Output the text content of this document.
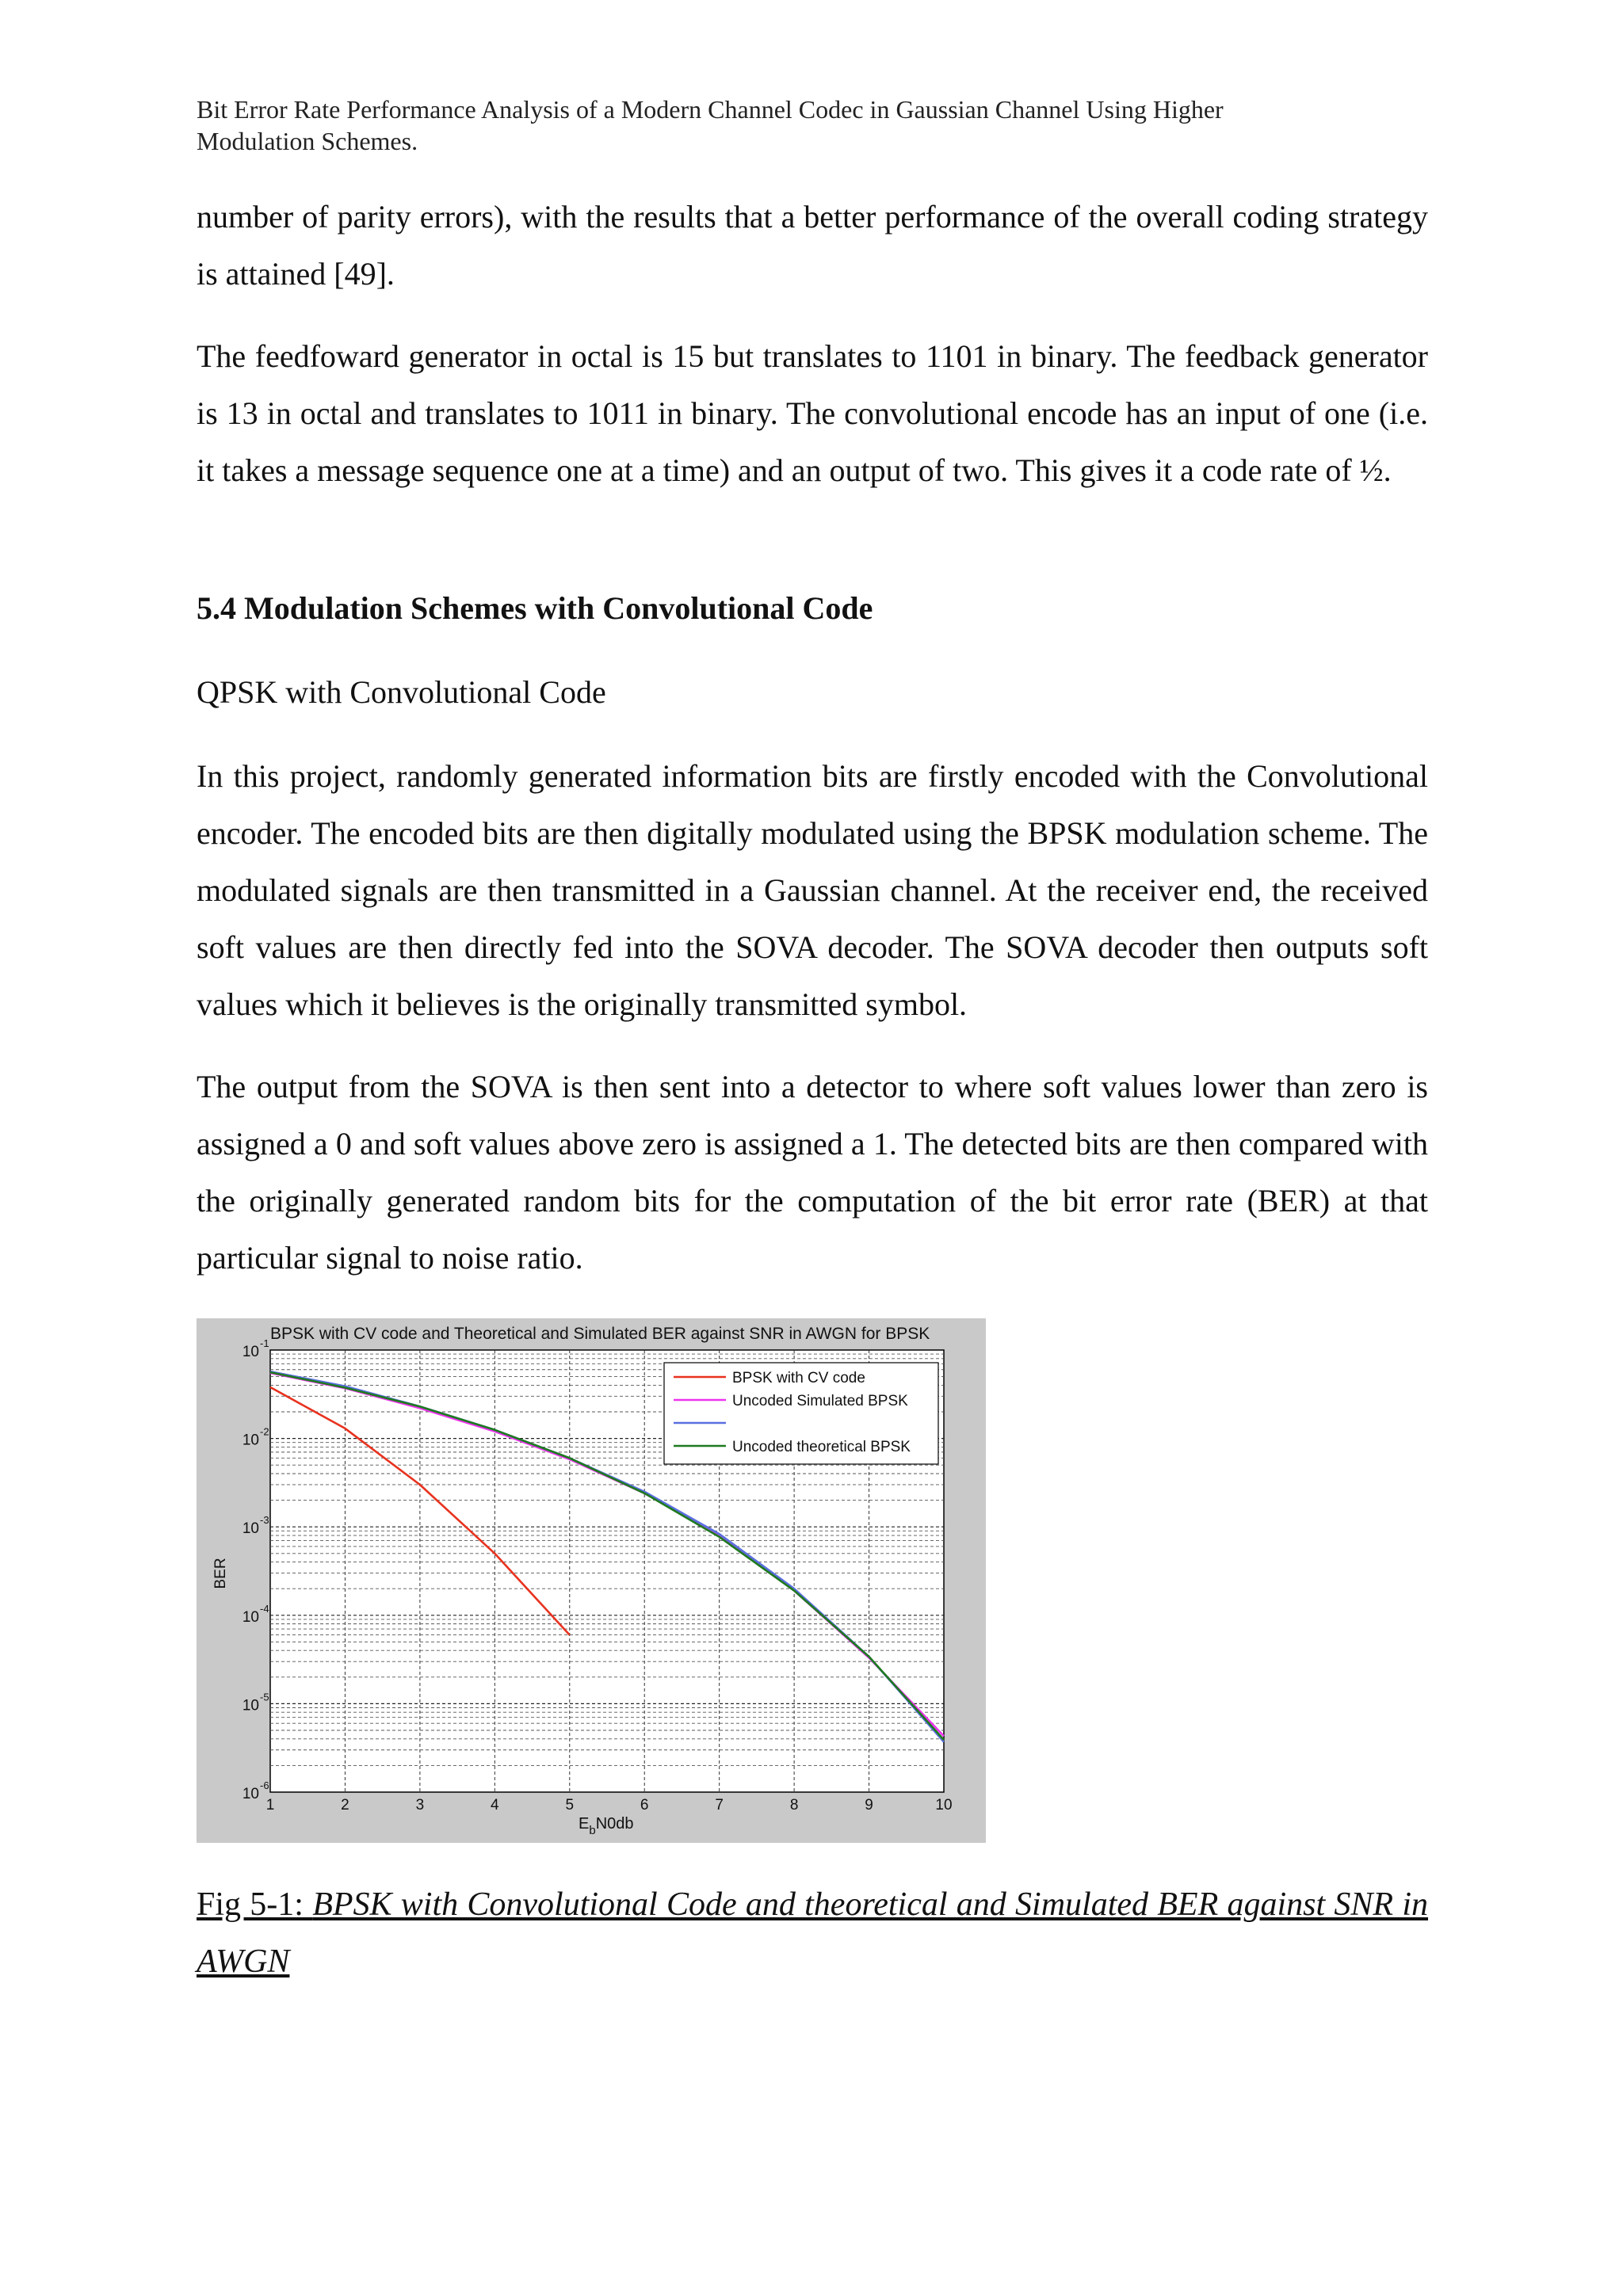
Bit Error Rate Performance Analysis of a Modern Channel Codec in Gaussian Channel Using Higher
Modulation Schemes.

number of parity errors), with the results that a better performance of the overall coding strategy is attained [49].

The feedfoward generator in octal is 15 but translates to 1101 in binary. The feedback generator is 13 in octal and translates to 1011 in binary. The convolutional encode has an input of one (i.e. it takes a message sequence one at a time) and an output of two. This gives it a code rate of ½.

5.4 Modulation Schemes with Convolutional Code

QPSK with Convolutional Code

In this project, randomly generated information bits are firstly encoded with the Convolutional encoder. The encoded bits are then digitally modulated using the BPSK modulation scheme. The modulated signals are then transmitted in a Gaussian channel. At the receiver end, the received soft values are then directly fed into the SOVA decoder. The SOVA decoder then outputs soft values which it believes is the originally transmitted symbol.

The output from the SOVA is then sent into a detector to where soft values lower than zero is assigned a 0 and soft values above zero is assigned a 1. The detected bits are then compared with the originally generated random bits for the computation of the bit error rate (BER) at that particular signal to noise ratio.

1	2	3	4	5	6	7	8	9	10
10
-1
10
-2
10
-3
10
-4
10
-5
10
-6
BPSK with CV code and Theoretical and Simulated BER against SNR in AWGN for BPSK
BER
$E_bN0db$
BPSK with CV code
Uncoded Simulated BPSK
Uncoded theoretical BPSK

Fig 5-1: BPSK with Convolutional Code and theoretical and Simulated BER against SNR in AWGN
